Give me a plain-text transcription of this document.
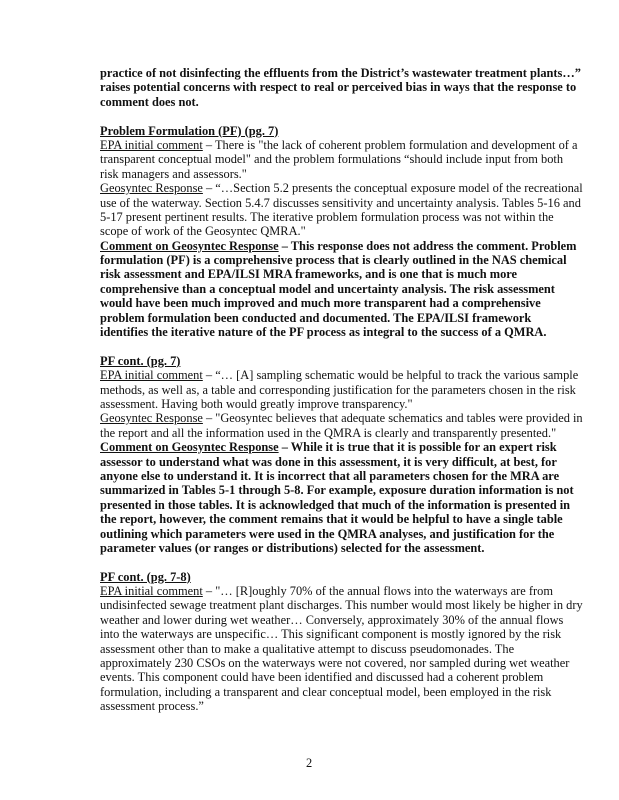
practice of not disinfecting the effluents from the District’s wastewater treatment plants…”
raises potential concerns with respect to real or perceived bias in ways that the response to
comment does not.
Problem Formulation (PF) (pg. 7)
EPA initial comment – There is "the lack of coherent problem formulation and development of a
transparent conceptual model" and the problem formulations “should include input from both
risk managers and assessors."
Geosyntec Response – “…Section 5.2 presents the conceptual exposure model of the recreational
use of the waterway. Section 5.4.7 discusses sensitivity and uncertainty analysis. Tables 5-16 and
5-17 present pertinent results. The iterative problem formulation process was not within the
scope of work of the Geosyntec QMRA."
Comment on Geosyntec Response – This response does not address the comment. Problem
formulation (PF) is a comprehensive process that is clearly outlined in the NAS chemical
risk assessment and EPA/ILSI MRA frameworks, and is one that is much more
comprehensive than a conceptual model and uncertainty analysis. The risk assessment
would have been much improved and much more transparent had a comprehensive
problem formulation been conducted and documented. The EPA/ILSI framework
identifies the iterative nature of the PF process as integral to the success of a QMRA.
PF cont. (pg. 7)
EPA initial comment – “… [A] sampling schematic would be helpful to track the various sample
methods, as well as, a table and corresponding justification for the parameters chosen in the risk
assessment. Having both would greatly improve transparency."
Geosyntec Response – "Geosyntec believes that adequate schematics and tables were provided in
the report and all the information used in the QMRA is clearly and transparently presented."
Comment on Geosyntec Response – While it is true that it is possible for an expert risk
assessor to understand what was done in this assessment, it is very difficult, at best, for
anyone else to understand it. It is incorrect that all parameters chosen for the MRA are
summarized in Tables 5-1 through 5-8. For example, exposure duration information is not
presented in those tables. It is acknowledged that much of the information is presented in
the report, however, the comment remains that it would be helpful to have a single table
outlining which parameters were used in the QMRA analyses, and justification for the
parameter values (or ranges or distributions) selected for the assessment.
PF cont. (pg. 7-8)
EPA initial comment – "… [R]oughly 70% of the annual flows into the waterways are from
undisinfected sewage treatment plant discharges. This number would most likely be higher in dry
weather and lower during wet weather… Conversely, approximately 30% of the annual flows
into the waterways are unspecific… This significant component is mostly ignored by the risk
assessment other than to make a qualitative attempt to discuss pseudomonades. The
approximately 230 CSOs on the waterways were not covered, nor sampled during wet weather
events. This component could have been identified and discussed had a coherent problem
formulation, including a transparent and clear conceptual model, been employed in the risk
assessment process.”
2
